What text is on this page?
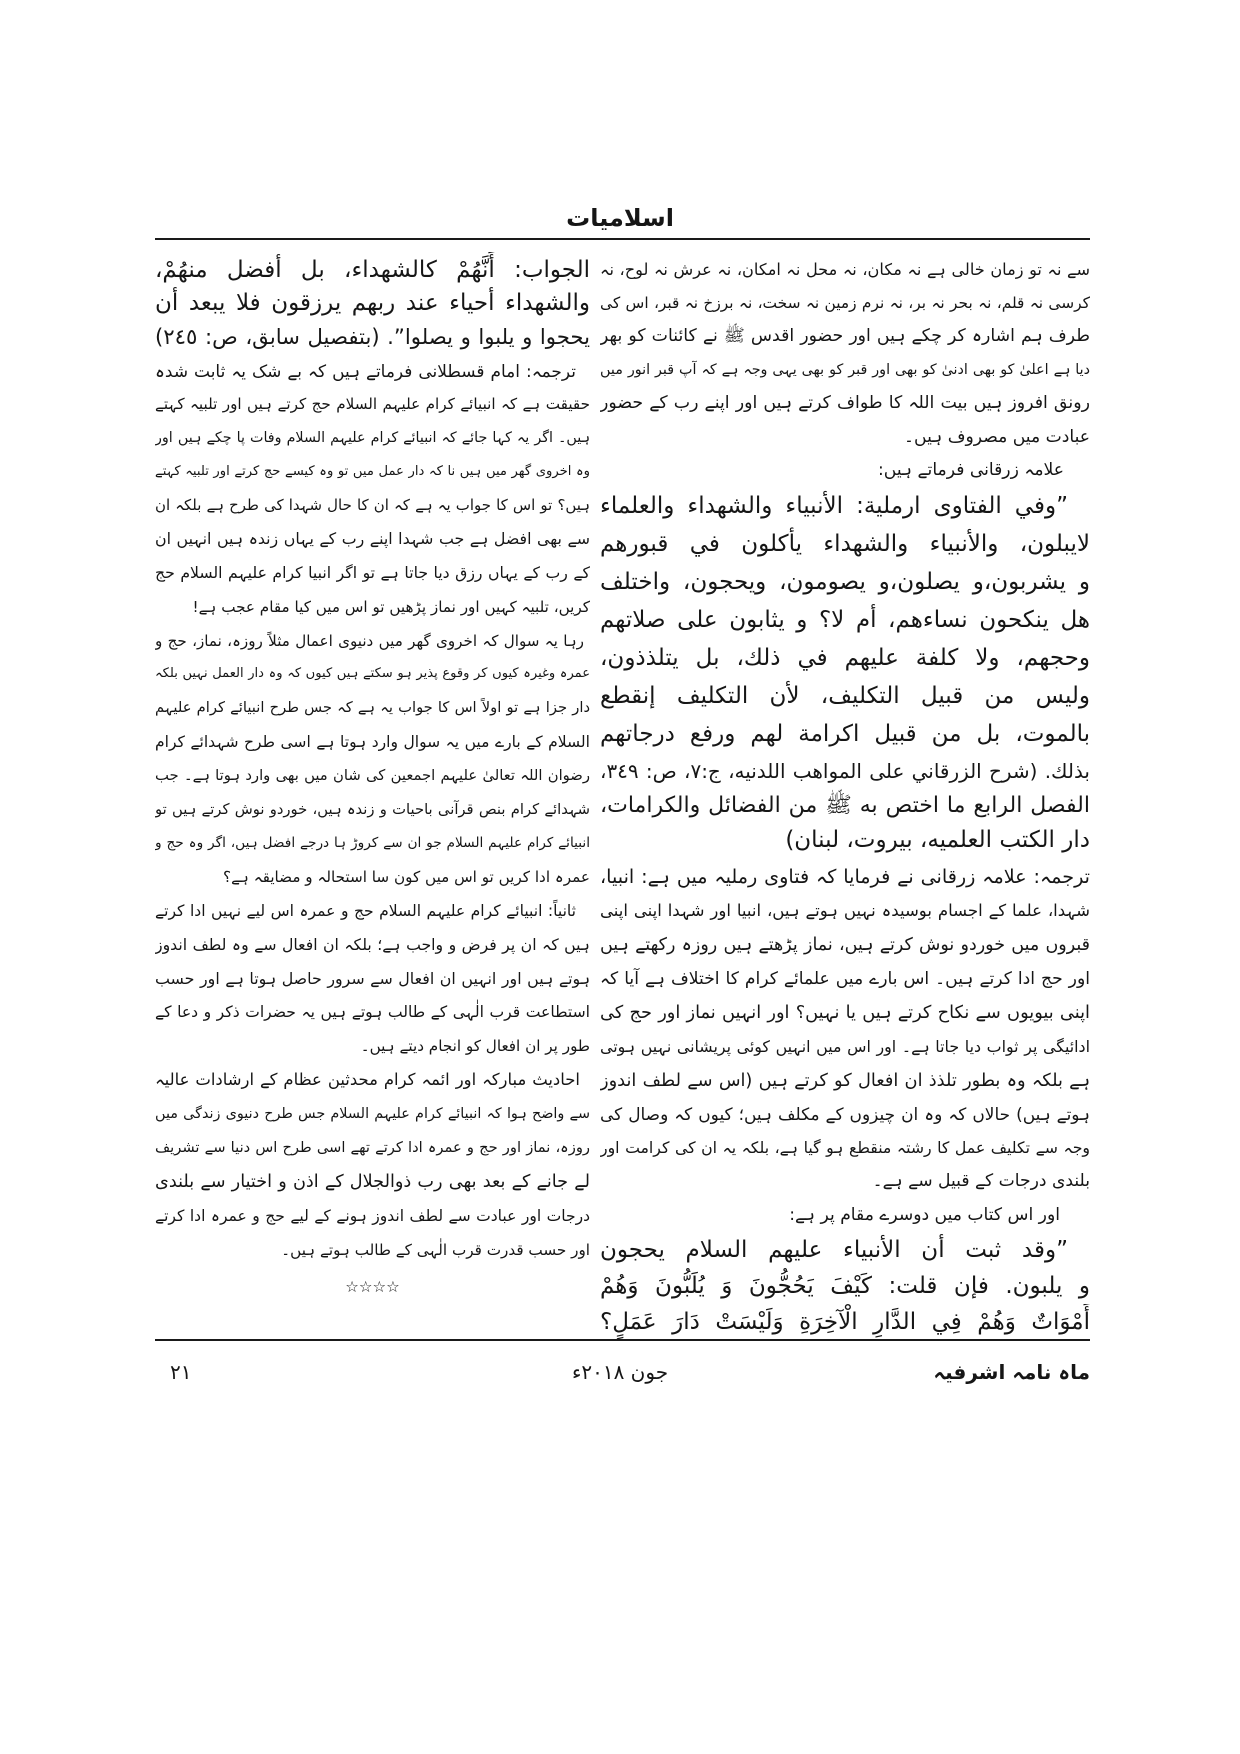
اسلامیات
سے نہ تو زمان خالی ہے نہ مکان، نہ محل نہ امکان، نہ عرش نہ لوح، نہ
کرسی نہ قلم، نہ بحر نہ بر، نہ نرم زمین نہ سخت، نہ برزخ نہ قبر، اس کی
طرف ہم اشارہ کر چکے ہیں اور حضور اقدس ﷺ نے کائنات کو بھر
دیا ہے اعلیٰ کو بھی ادنیٰ کو بھی اور قبر کو بھی یہی وجہ ہے کہ آپ قبر انور میں
رونق افروز ہیں بیت اللہ کا طواف کرتے ہیں اور اپنے رب کے حضور
عبادت میں مصروف ہیں۔
علامہ زرقانی فرماتے ہیں:
”وفي الفتاوى ارملية: الأنبياء والشهداء والعلماء
لايبلون، والأنبياء والشهداء يأكلون في قبورهم
و يشربون،و يصلون،و يصومون، ويحجون، واختلف
هل ينكحون نساءهم، أم لا؟ و يثابون على صلاتهم
وحجهم، ولا كلفة عليهم في ذلك، بل يتلذذون،
وليس من قبيل التكليف، لأن التكليف إنقطع
بالموت، بل من قبيل اكرامة لهم ورفع درجاتهم
بذلك. (شرح الزرقاني على المواهب اللدنيه، ج:٧، ص: ٣٤٩،
الفصل الرابع ما اختص به ﷺ من الفضائل والكرامات،
دار الكتب العلميه، بيروت، لبنان)
ترجمہ: علامہ زرقانی نے فرمایا کہ فتاوی رملیہ میں ہے: انبیا،
شہدا، علما کے اجسام بوسیدہ نہیں ہوتے ہیں، انبیا اور شہدا اپنی اپنی
قبروں میں خوردو نوش کرتے ہیں، نماز پڑھتے ہیں روزہ رکھتے ہیں
اور حج ادا کرتے ہیں۔ اس بارے میں علمائے کرام کا اختلاف ہے آیا کہ
اپنی بیویوں سے نکاح کرتے ہیں یا نہیں؟ اور انہیں نماز اور حج کی
ادائیگی پر ثواب دیا جاتا ہے۔ اور اس میں انہیں کوئی پریشانی نہیں ہوتی
ہے بلکہ وہ بطور تلذذ ان افعال کو کرتے ہیں (اس سے لطف اندوز
ہوتے ہیں) حالاں کہ وہ ان چیزوں کے مکلف ہیں؛ کیوں کہ وصال کی
وجہ سے تکلیف عمل کا رشتہ منقطع ہو گیا ہے، بلکہ یہ ان کی کرامت اور
بلندی درجات کے قبیل سے ہے۔
اور اس کتاب میں دوسرے مقام پر ہے:
”وقد ثبت أن الأنبياء عليهم السلام يحجون
و يلبون. فإن قلت: كَيْفَ يَحُجُّونَ وَ يُلَبُّونَ وَهُمْ
أَمْوَاتٌ وَهُمْ فِي الدَّارِ الْآخِرَةِ وَلَيْسَتْ دَارَ عَمَلٍ؟
الجواب: أَنَّهُمْ كالشهداء، بل أفضل منهُمْ،
والشهداء أحياء عند ربهم يرزقون فلا يبعد أن
يحجوا و يلبوا و يصلوا”. (بتفصيل سابق، ص: ٢٤٥)
ترجمہ: امام قسطلانی فرماتے ہیں کہ بے شک یہ ثابت شدہ
حقیقت ہے کہ انبیائے کرام علیہم السلام حج کرتے ہیں اور تلبیہ کہتے
ہیں۔ اگر یہ کہا جائے کہ انبیائے کرام علیہم السلام وفات پا چکے ہیں اور
وہ اخروی گھر میں ہیں نا کہ دار عمل میں تو وہ کیسے حج کرتے اور تلبیہ کہتے
ہیں؟ تو اس کا جواب یہ ہے کہ ان کا حال شہدا کی طرح ہے بلکہ ان
سے بھی افضل ہے جب شہدا اپنے رب کے یہاں زندہ ہیں انہیں ان
کے رب کے یہاں رزق دیا جاتا ہے تو اگر انبیا کرام علیہم السلام حج
کریں، تلبیہ کہیں اور نماز پڑھیں تو اس میں کیا مقام عجب ہے!
رہا یہ سوال کہ اخروی گھر میں دنیوی اعمال مثلاً روزہ، نماز، حج و
عمرہ وغیرہ کیوں کر وقوع پذیر ہو سکتے ہیں کیوں کہ وہ دار العمل نہیں بلکہ
دار جزا ہے تو اولاً اس کا جواب یہ ہے کہ جس طرح انبیائے کرام علیہم
السلام کے بارے میں یہ سوال وارد ہوتا ہے اسی طرح شہدائے کرام
رضوان اللہ تعالیٰ علیہم اجمعین کی شان میں بھی وارد ہوتا ہے۔ جب
شہدائے کرام بنص قرآنی باحیات و زندہ ہیں، خوردو نوش کرتے ہیں تو
انبیائے کرام علیہم السلام جو ان سے کروڑ ہا درجے افضل ہیں، اگر وہ حج و
عمرہ ادا کریں تو اس میں کون سا استحالہ و مضایقہ ہے؟
ثانیاً: انبیائے کرام علیہم السلام حج و عمرہ اس لیے نہیں ادا کرتے
ہیں کہ ان پر فرض و واجب ہے؛ بلکہ ان افعال سے وہ لطف اندوز
ہوتے ہیں اور انہیں ان افعال سے سرور حاصل ہوتا ہے اور حسب
استطاعت قرب الٰہی کے طالب ہوتے ہیں یہ حضرات ذکر و دعا کے
طور پر ان افعال کو انجام دیتے ہیں۔
احادیث مبارکہ اور ائمہ کرام محدثین عظام کے ارشادات عالیہ
سے واضح ہوا کہ انبیائے کرام علیہم السلام جس طرح دنیوی زندگی میں
روزہ، نماز اور حج و عمرہ ادا کرتے تھے اسی طرح اس دنیا سے تشریف
لے جانے کے بعد بھی رب ذوالجلال کے اذن و اختیار سے بلندی
درجات اور عبادت سے لطف اندوز ہونے کے لیے حج و عمرہ ادا کرتے
اور حسب قدرت قرب الٰہی کے طالب ہوتے ہیں۔
☆☆☆☆
ماہ نامہ اشرفیہ
جون ۲۰۱۸ء
۲۱
